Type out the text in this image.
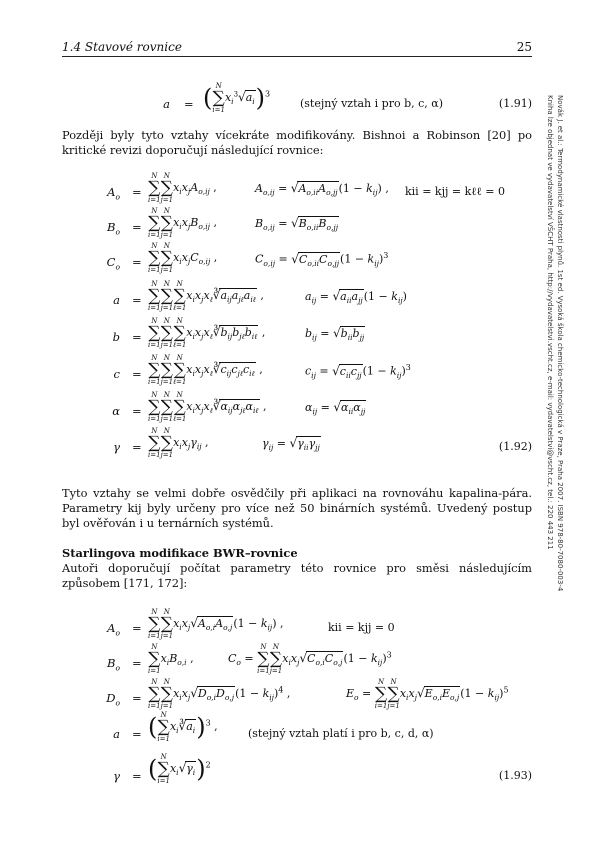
1.4 Stavové rovnice	25
Novák J. et al.: Termodynamické vlastnosti plynů. 1st ed. Vysoká škola chemicko-technologická v Praze, Praha 2007. ISBN 978-80-7080-003-4
Kniha lze objednat ve vydavatelství VŠCHT Praha, http://vydavatelstvi.vscht.cz, e-mail: vydavatelstvi@vscht.cz, tel.: 220 443 211
a = ( N
∑
i=1
$x_i^3√a_i)^3$
(stejný vztah i pro b, c, α)	(1.91)
Později byly tyto vztahy vícekráte modifikovány. Bishnoi a Robinson [20] po kritické revizi doporučují následující rovnice:
$A_o$ =
N
∑
i=1
N
∑
j=1
$x_ix_jA_{o,ij}$ ,	$A_{o,ij} = √A_{o,ii}A_{o,jj}(1 - k_{ij})$ , kii = kjj = kℓℓ = 0
$B_o$ =
N
∑
i=1
N
∑
j=1
$x_ix_jB_{o,ij}$ ,	$B_{o,ij} = √B_{o,ii}B_{o,jj}$
$C_o$ =
N
∑
i=1
N
∑
j=1
$x_ix_jC_{o,ij}$ ,	$C_{o,ij} = √C_{o,ii}C_{o,jj}(1 - k_{ij})^3$
a =
N
∑
i=1
N
∑
j=1
N
∑
ℓ=1
$x_ix_jx_\ell∛a_{ij}a_{j\ell}a_{i\ell}$ ,	$a_{ij} = √a_{ii}a_{jj}(1 - k_{ij})$
b =
N
∑
i=1
N
∑
j=1
N
∑
ℓ=1
$x_ix_jx_\ell∛b_{ij}b_{j\ell}b_{i\ell}$ ,	$b_{ij} = √b_{ii}b_{jj}$
c =
N
∑
i=1
N
∑
j=1
N
∑
ℓ=1
$x_ix_jx_\ell∛c_{ij}c_{j\ell}c_{i\ell}$ ,	$c_{ij} = √c_{ii}c_{jj}(1 - k_{ij})^3$
α =
N
∑
i=1
N
∑
j=1
N
∑
ℓ=1
$x_ix_jx_\ell∛\alpha_{ij}\alpha_{j\ell}\alpha_{i\ell}$ ,	$\alpha_{ij} = √\alpha_{ii}\alpha_{jj}$
γ =
N
∑
i=1
N
∑
j=1
$x_ix_j\gamma_{ij}$ ,	$\gamma_{ij} = √\gamma_{ii}\gamma_{jj}$	(1.92)
Tyto vztahy se velmi dobře osvědčily při aplikaci na rovnováhu kapalina-pára. Parametry kij byly určeny pro více než 50 binárních systémů. Uvedený postup byl ověřován i u ternárních systémů.
Starlingova modifikace BWR–rovnice
Autoři doporučují počítat parametry této rovnice pro směsi následujícím způsobem [171, 172]:
$A_o$ =
N
∑
i=1
N
∑
j=1
$x_ix_j√A_{o,i}A_{o,j}(1 - k_{ij})$ ,	kii = kjj = 0
$B_o$ =
N
∑
i=1
$x_iB_{o,i}$ ,	$C_o$ =
N
∑
i=1
N
∑
j=1
$x_ix_j√C_{o,i}C_{o,j}(1 - k_{ij})^3$
$D_o$ =
N
∑
i=1
N
∑
j=1
$x_ix_j√D_{o,i}D_{o,j}(1 - k_{ij})^4$ ,	$E_o$ =
N
∑
i=1
N
∑
j=1
$x_ix_j√E_{o,i}E_{o,j}(1 - k_{ij})^5$
a = ( N
∑
i=1
$x_i∛a_i)^3$ ,
(stejný vztah platí i pro b, c, d, α)
γ = ( N
∑
i=1
$x_i√\gamma_i)^2$
(1.93)
